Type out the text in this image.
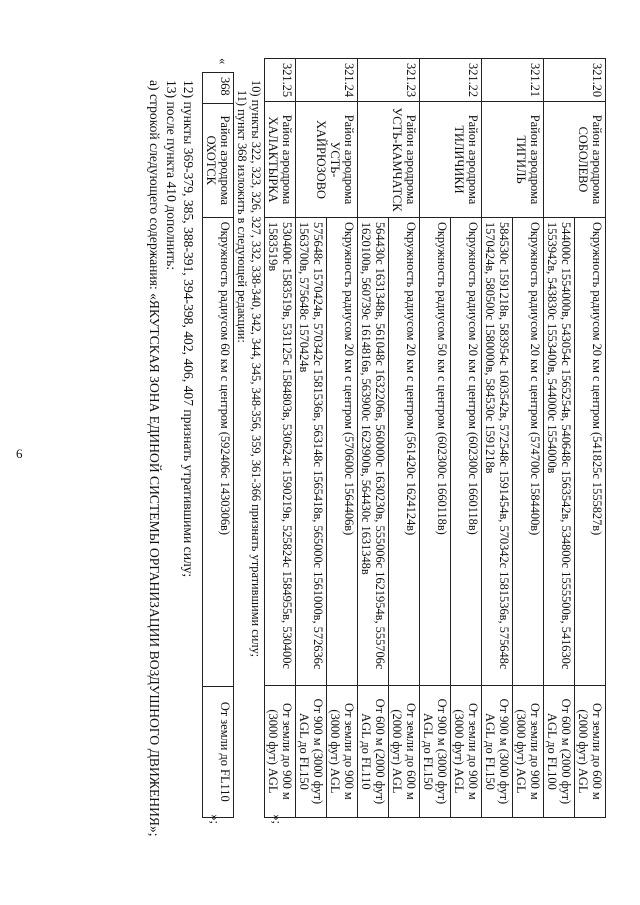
6
321.20	Район аэродрома СОБОЛЕВО	Окружность радиусом 20 км с центром (541825с 1555827в)	От земли до 600 м (2000 фут) AGL
		544000с 1554000в, 543054с 1565254в, 540648с 1563542в, 534800с 1555500в, 541630с 1553942в, 543830с 1553400в, 544000с 1554000в	От 600 м (2000 фут) AGL до FL100
321.21	Район аэродрома ТИГИЛЬ	Окружность радиусом 20 км с центром (574700с 1584400в)	От земли до 900 м (3000 фут) AGL
		584530с 1591218в, 583954с 1603542в, 572548с 1591454в, 570342с 1581536в, 575648с 1570424в, 580500с 1580000в, 584530с 1591218в	От 900 м (3000 фут) AGL до FL150
321.22	Район аэродрома ТИЛИЧИКИ	Окружность радиусом 20 км с центром (602300с 1660118в)	От земли до 900 м (3000 фут) AGL
		Окружность радиусом 50 км с центром (602300с 1660118в)	От 900 м (3000 фут) AGL до FL150
321.23	Район аэродрома УСТЬ-КАМЧАТСК	Окружность радиусом 20 км с центром (561420с 1624124в)	От земли до 600 м (2000 фут) AGL
		564430с 1631348в, 561048с 1632206в, 560000с 1630230в, 555006с 1621954в, 555706с 1620100в, 560739с 1614816в, 563900с 1623900в, 564430с 1631348в	От 600 м (2000 фут) AGL до FL110
321.24	Район аэродрома УСТЬ-ХАЙРЮЗОВО	Окружность радиусом 20 км с центром (570600с 1564406в)	От земли до 900 м (3000 фут) AGL
		575648с 1570424в, 570342с 1581536в, 563148с 1565418в, 565000с 1561000в, 572636с 1563700в, 575648с 1570424в	От 900 м (3000 фут) AGL до FL150
321.25	Район аэродрома ХАЛАКТЫРКА	530400с 1583519в, 531125с 1584803в, 530624с 1590219в, 525824с 1584955в, 530400с 1583519в	От земли до 900 м (3000 фут) AGL
»;
10) пункты 322, 323, 326, 327, 332, 338-340, 342, 344, 345, 348-356, 359, 361-366 признать утратившими силу;
11) пункт 368 изложить в следующей редакции:
«
368	Район аэродрома ОХОТСК	Окружность радиусом 60 км с центром (592406с 1430306в)	От земли до FL110
»;
12) пункты 369-379, 385, 388-391, 394-398, 402, 406, 407 признать утратившими силу;
13) после пункта 410 дополнить:
а) строкой следующего содержания: «ЯКУТСКАЯ ЗОНА ЕДИНОЙ СИСТЕМЫ ОРГАНИЗАЦИИ ВОЗДУШНОГО ДВИЖЕНИЯ»;
